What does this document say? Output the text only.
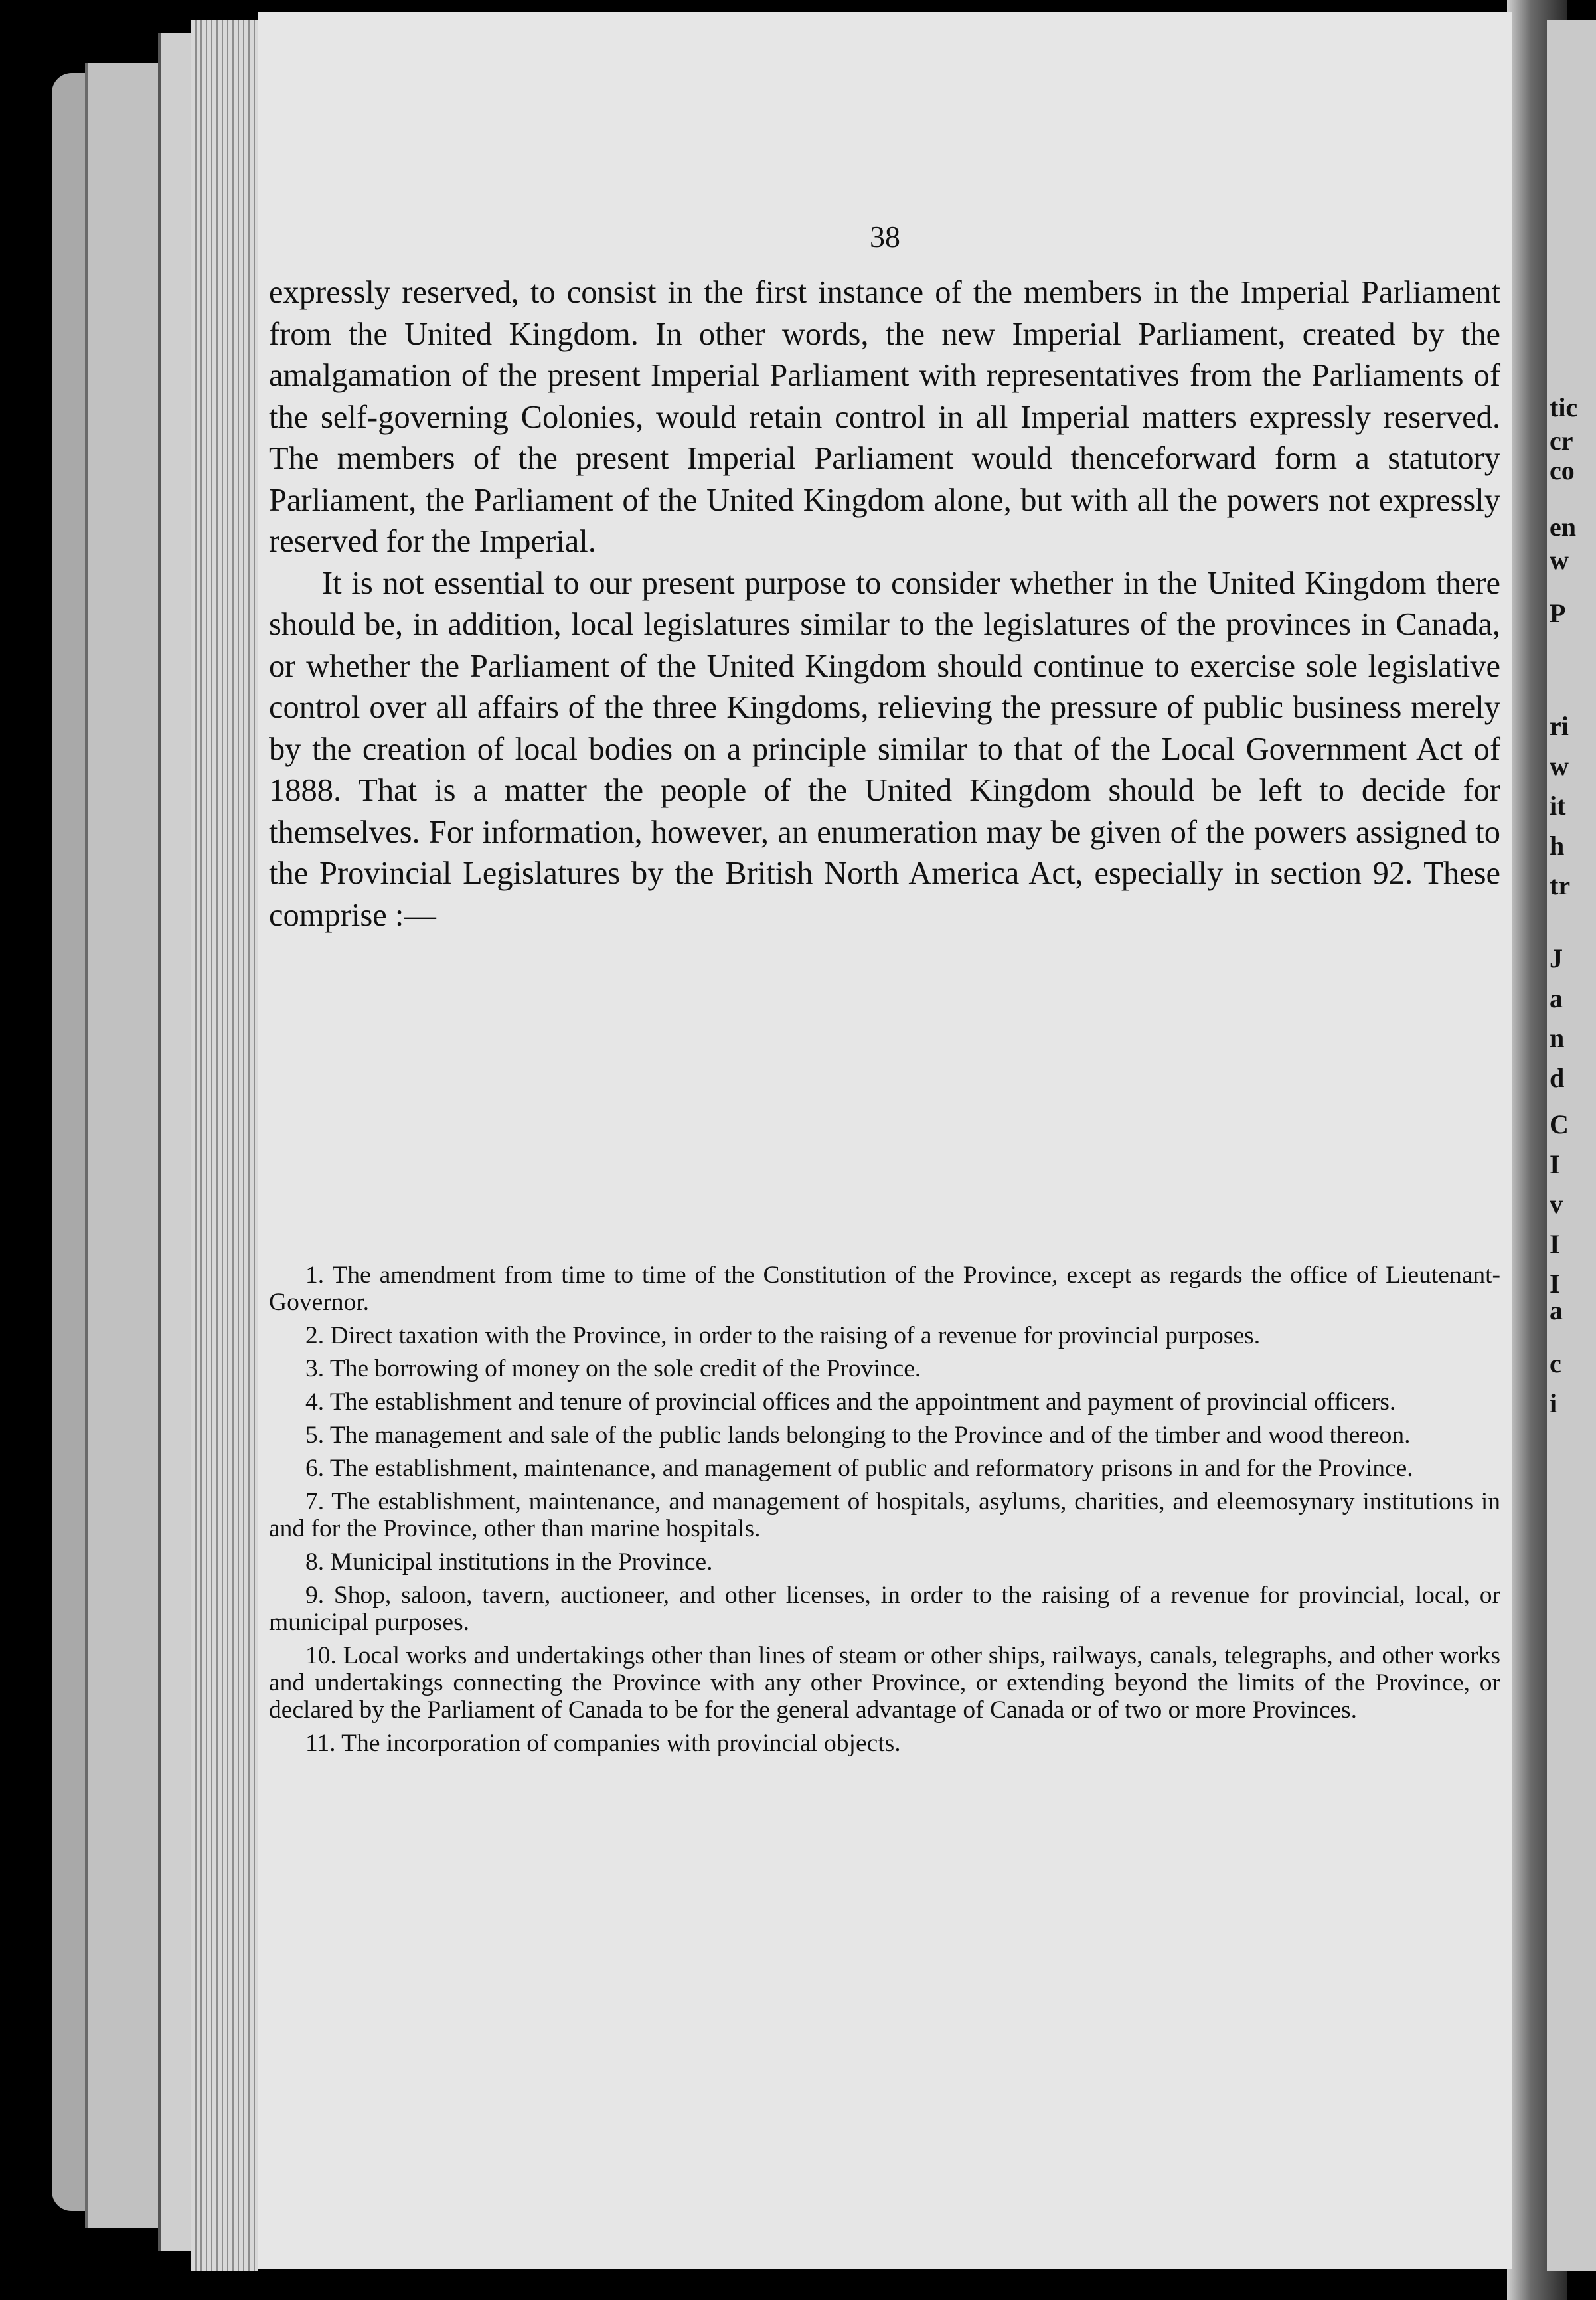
tic
cr
co
en
w
P
ri
w
it
h
tr
J
a
n
d
C
I
v
I
I
a
c
i
38

expressly reserved, to consist in the first instance of the members in the Imperial Parliament from the United Kingdom. In other words, the new Imperial Parliament, created by the amalgamation of the present Imperial Parliament with representatives from the Parliaments of the self-governing Colonies, would retain control in all Imperial matters expressly reserved. The members of the present Imperial Parliament would thenceforward form a statutory Parliament, the Parliament of the United Kingdom alone, but with all the powers not expressly reserved for the Imperial.

It is not essential to our present purpose to consider whether in the United Kingdom there should be, in addition, local legislatures similar to the legislatures of the provinces in Canada, or whether the Parliament of the United Kingdom should continue to exercise sole legislative control over all affairs of the three Kingdoms, relieving the pressure of public business merely by the creation of local bodies on a principle similar to that of the Local Government Act of 1888. That is a matter the people of the United Kingdom should be left to decide for themselves. For information, however, an enumeration may be given of the powers assigned to the Provincial Legislatures by the British North America Act, especially in section 92. These comprise :—

1. The amendment from time to time of the Constitution of the Province, except as regards the office of Lieutenant-Governor.
2. Direct taxation with the Province, in order to the raising of a revenue for provincial purposes.
3. The borrowing of money on the sole credit of the Province.
4. The establishment and tenure of provincial offices and the appointment and payment of provincial officers.
5. The management and sale of the public lands belonging to the Province and of the timber and wood thereon.
6. The establishment, maintenance, and management of public and reformatory prisons in and for the Province.
7. The establishment, maintenance, and management of hospitals, asylums, charities, and eleemosynary institutions in and for the Province, other than marine hospitals.
8. Municipal institutions in the Province.
9. Shop, saloon, tavern, auctioneer, and other licenses, in order to the raising of a revenue for provincial, local, or municipal purposes.
10. Local works and undertakings other than lines of steam or other ships, railways, canals, telegraphs, and other works and undertakings connecting the Province with any other Province, or extending beyond the limits of the Province, or declared by the Parliament of Canada to be for the general advantage of Canada or of two or more Provinces.
11. The incorporation of companies with provincial objects.
